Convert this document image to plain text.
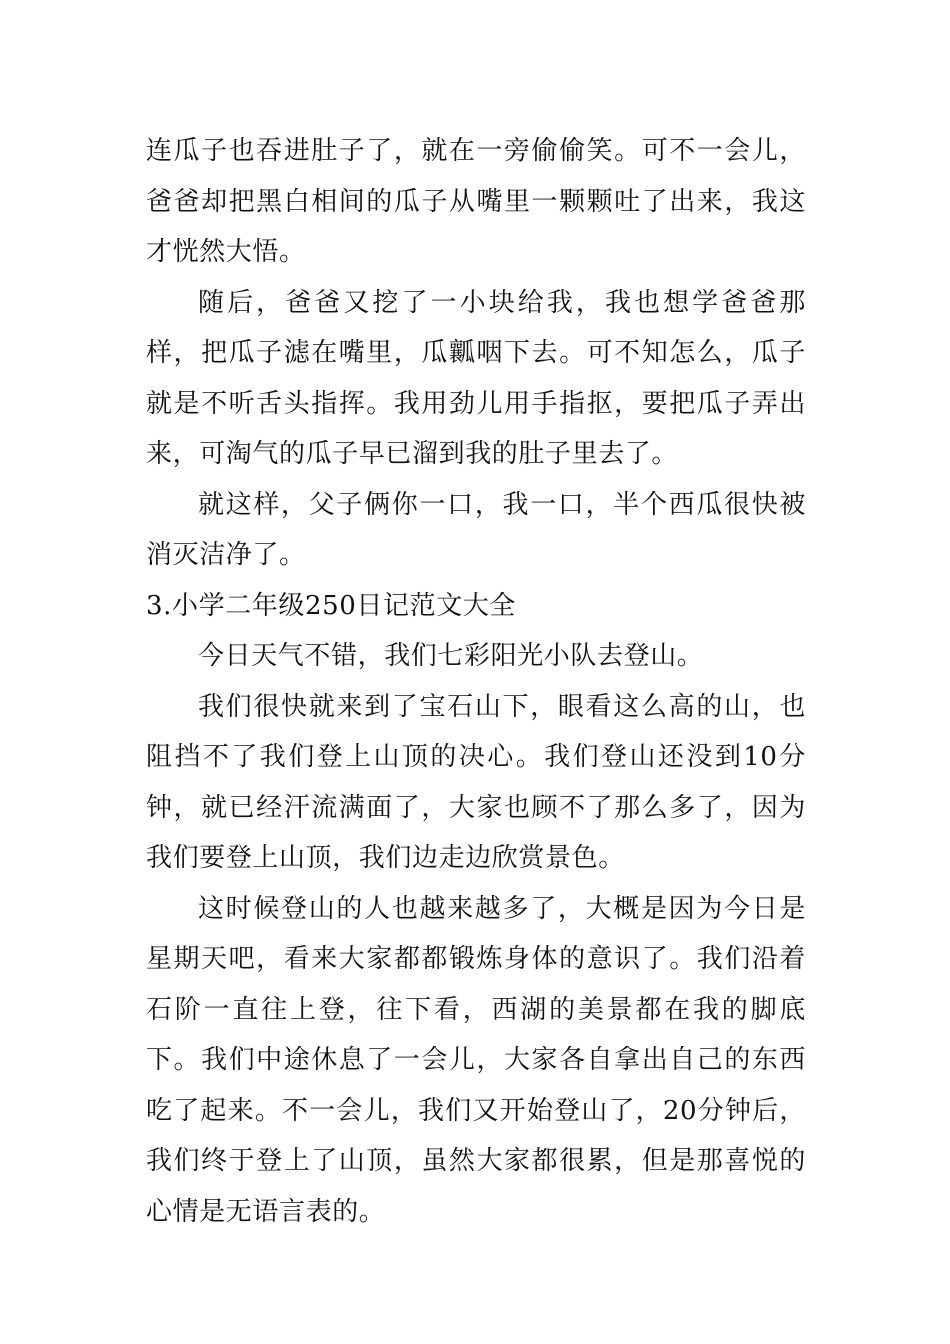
连瓜子也吞进肚子了，就在一旁偷偷笑。可不一会儿，爸爸却把黑白相间的瓜子从嘴里一颗颗吐了出来，我这才恍然大悟。

随后，爸爸又挖了一小块给我，我也想学爸爸那样，把瓜子滤在嘴里，瓜瓤咽下去。可不知怎么，瓜子就是不听舌头指挥。我用劲儿用手指抠，要把瓜子弄出来，可淘气的瓜子早已溜到我的肚子里去了。

就这样，父子俩你一口，我一口，半个西瓜很快被消灭洁净了。

3.小学二年级250日记范文大全

今日天气不错，我们七彩阳光小队去登山。

我们很快就来到了宝石山下，眼看这么高的山，也阻挡不了我们登上山顶的决心。我们登山还没到10分钟，就已经汗流满面了，大家也顾不了那么多了，因为我们要登上山顶，我们边走边欣赏景色。

这时候登山的人也越来越多了，大概是因为今日是星期天吧，看来大家都都锻炼身体的意识了。我们沿着石阶一直往上登，往下看，西湖的美景都在我的脚底下。我们中途休息了一会儿，大家各自拿出自己的东西吃了起来。不一会儿，我们又开始登山了，20分钟后，我们终于登上了山顶，虽然大家都很累，但是那喜悦的心情是无语言表的。
